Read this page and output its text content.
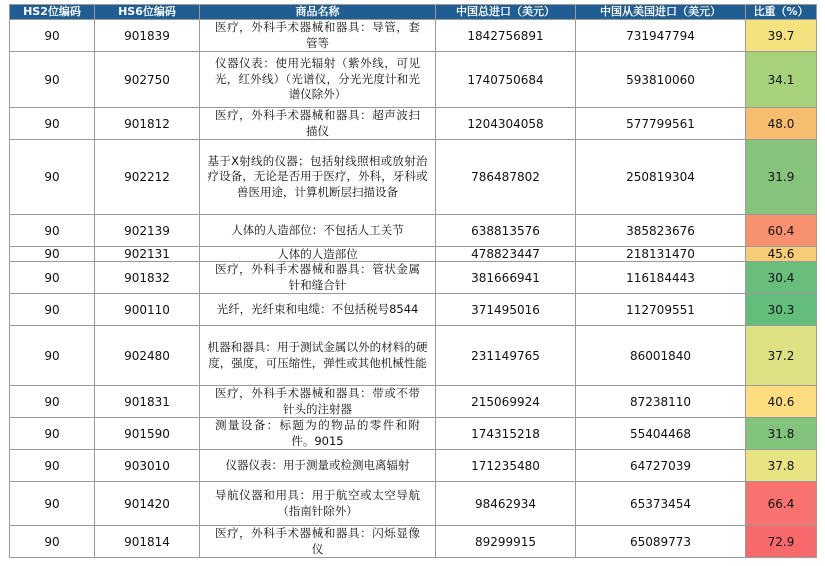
HS2位编码	HS6位编码	商品名称	中国总进口（美元）	中国从美国进口（美元）	比重（%）
90	901839	医疗，外科手术器械和器具：导管，套管等	1842756891	731947794	39.7
90	902750	仪器仪表：使用光辐射（紫外线，可见光，红外线）（光谱仪，分光光度计和光谱仪除外）	1740750684	593810060	34.1
90	901812	医疗，外科手术器械和器具：超声波扫描仪	1204304058	577799561	48.0
90	902212	基于X射线的仪器；包括射线照相或放射治疗设备，无论是否用于医疗，外科，牙科或兽医用途，计算机断层扫描设备	786487802	250819304	31.9
90	902139	人体的人造部位：不包括人工关节	638813576	385823676	60.4
90	902131	人体的人造部位	478823447	218131470	45.6
90	901832	医疗，外科手术器械和器具：管状金属针和缝合针	381666941	116184443	30.4
90	900110	光纤，光纤束和电缆：不包括税号8544	371495016	112709551	30.3
90	902480	机器和器具：用于测试金属以外的材料的硬度，强度，可压缩性，弹性或其他机械性能	231149765	86001840	37.2
90	901831	医疗，外科手术器械和器具：带或不带针头的注射器	215069924	87238110	40.6
90	901590	测量设备：标题为的物品的零件和附件。9015	174315218	55404468	31.8
90	903010	仪器仪表：用于测量或检测电离辐射	171235480	64727039	37.8
90	901420	导航仪器和用具：用于航空或太空导航（指南针除外）	98462934	65373454	66.4
90	901814	医疗，外科手术器械和器具：闪烁显像仪	89299915	65089773	72.9
